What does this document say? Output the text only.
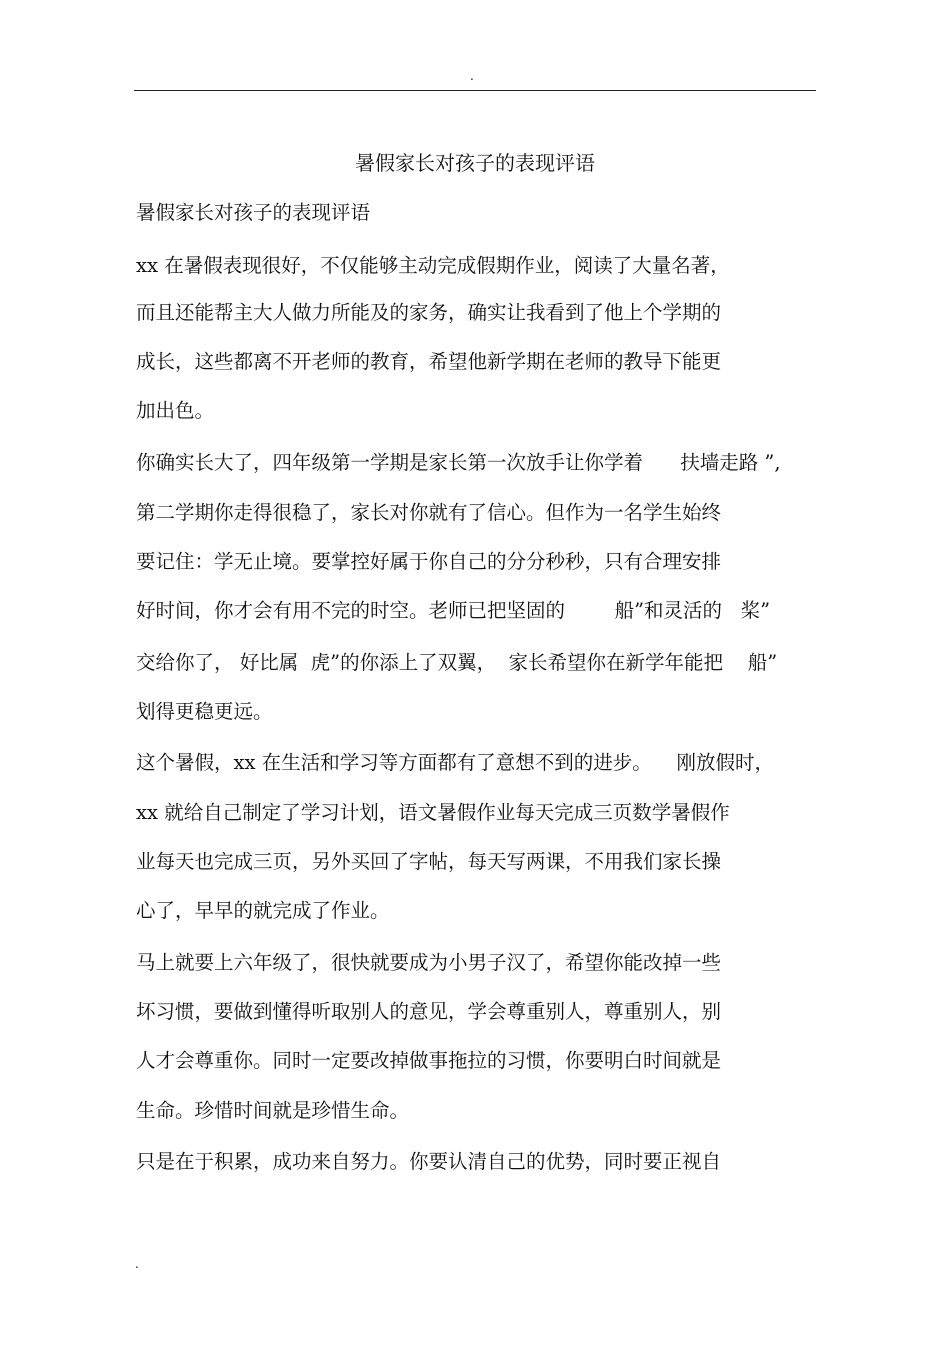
.
暑假家长对孩子的表现评语
暑假家长对孩子的表现评语
xx 在暑假表现很好，不仅能够主动完成假期作业，阅读了大量名著，
而且还能帮主大人做力所能及的家务，确实让我看到了他上个学期的
成长，这些都离不开老师的教育，希望他新学期在老师的教导下能更
加出色。
你确实长大了，四年级第一学期是家长第一次放手让你学着      扶墙走路 ”,
第二学期你走得很稳了，家长对你就有了信心。但作为一名学生始终
要记住：学无止境。要掌控好属于你自己的分分秒秒，只有合理安排
好时间，你才会有用不完的时空。老师已把坚固的        船”和灵活的   桨”
交给你了， 好比属  虎”的你添上了双翼，  家长希望你在新学年能把    船”
划得更稳更远。
这个暑假，xx 在生活和学习等方面都有了意想不到的进步。    刚放假时，
xx 就给自己制定了学习计划，语文暑假作业每天完成三页数学暑假作
业每天也完成三页，另外买回了字帖，每天写两课，不用我们家长操
心了，早早的就完成了作业。
马上就要上六年级了，很快就要成为小男子汉了，希望你能改掉一些
坏习惯，要做到懂得听取别人的意见，学会尊重别人，尊重别人，别
人才会尊重你。同时一定要改掉做事拖拉的习惯，你要明白时间就是
生命。珍惜时间就是珍惜生命。
只是在于积累，成功来自努力。你要认清自己的优势，同时要正视自
.
